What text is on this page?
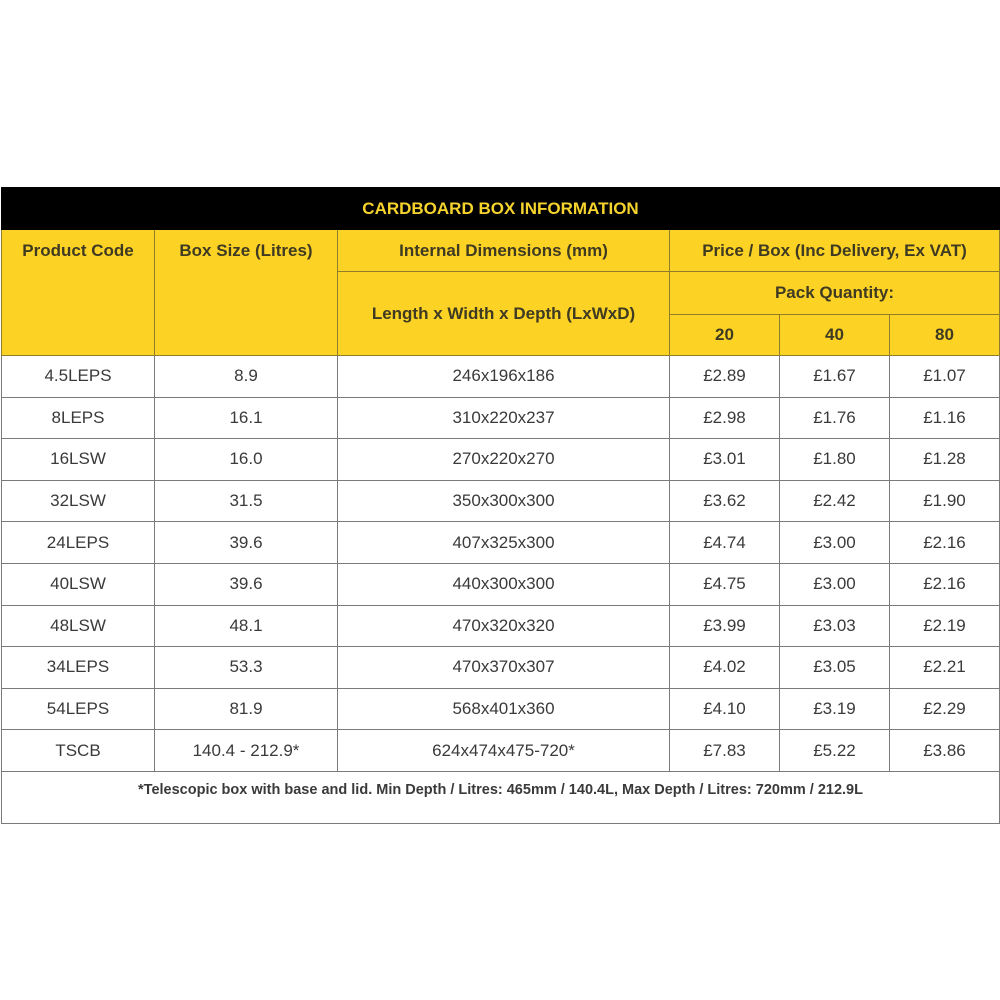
CARDBOARD BOX INFORMATION					
Product Code	Box Size (Litres)	Internal Dimensions (mm)	Price / Box (Inc Delivery, Ex VAT)		
		Length x Width x Depth (LxWxD)	Pack Quantity:		
			20	40	80
4.5LEPS	8.9	246x196x186	£2.89	£1.67	£1.07
8LEPS	16.1	310x220x237	£2.98	£1.76	£1.16
16LSW	16.0	270x220x270	£3.01	£1.80	£1.28
32LSW	31.5	350x300x300	£3.62	£2.42	£1.90
24LEPS	39.6	407x325x300	£4.74	£3.00	£2.16
40LSW	39.6	440x300x300	£4.75	£3.00	£2.16
48LSW	48.1	470x320x320	£3.99	£3.03	£2.19
34LEPS	53.3	470x370x307	£4.02	£3.05	£2.21
54LEPS	81.9	568x401x360	£4.10	£3.19	£2.29
TSCB	140.4 - 212.9*	624x474x475-720*	£7.83	£5.22	£3.86
*Telescopic box with base and lid. Min Depth / Litres: 465mm / 140.4L, Max Depth / Litres: 720mm / 212.9L					
